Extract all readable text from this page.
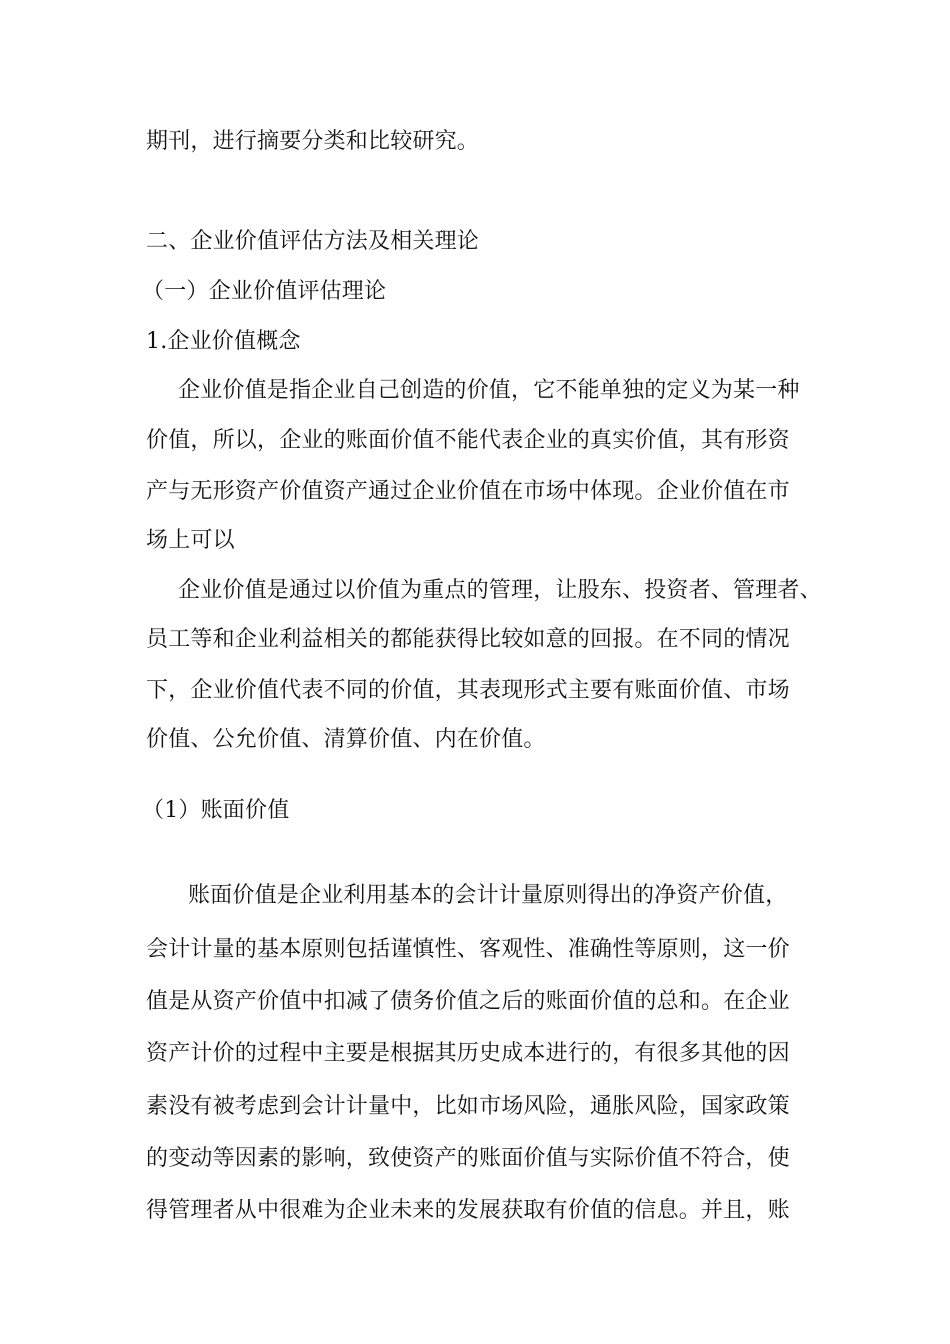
期刊，进行摘要分类和比较研究。
二、企业价值评估方法及相关理论
（一）企业价值评估理论
1.企业价值概念
企业价值是指企业自己创造的价值，它不能单独的定义为某一种
价值，所以，企业的账面价值不能代表企业的真实价值，其有形资
产与无形资产价值资产通过企业价值在市场中体现。企业价值在市
场上可以
企业价值是通过以价值为重点的管理，让股东、投资者、管理者、
员工等和企业利益相关的都能获得比较如意的回报。在不同的情况
下，企业价值代表不同的价值，其表现形式主要有账面价值、市场
价值、公允价值、清算价值、内在价值。
（1）账面价值
账面价值是企业利用基本的会计计量原则得出的净资产价值，
会计计量的基本原则包括谨慎性、客观性、准确性等原则，这一价
值是从资产价值中扣减了债务价值之后的账面价值的总和。在企业
资产计价的过程中主要是根据其历史成本进行的，有很多其他的因
素没有被考虑到会计计量中，比如市场风险，通胀风险，国家政策
的变动等因素的影响，致使资产的账面价值与实际价值不符合，使
得管理者从中很难为企业未来的发展获取有价值的信息。并且，账
